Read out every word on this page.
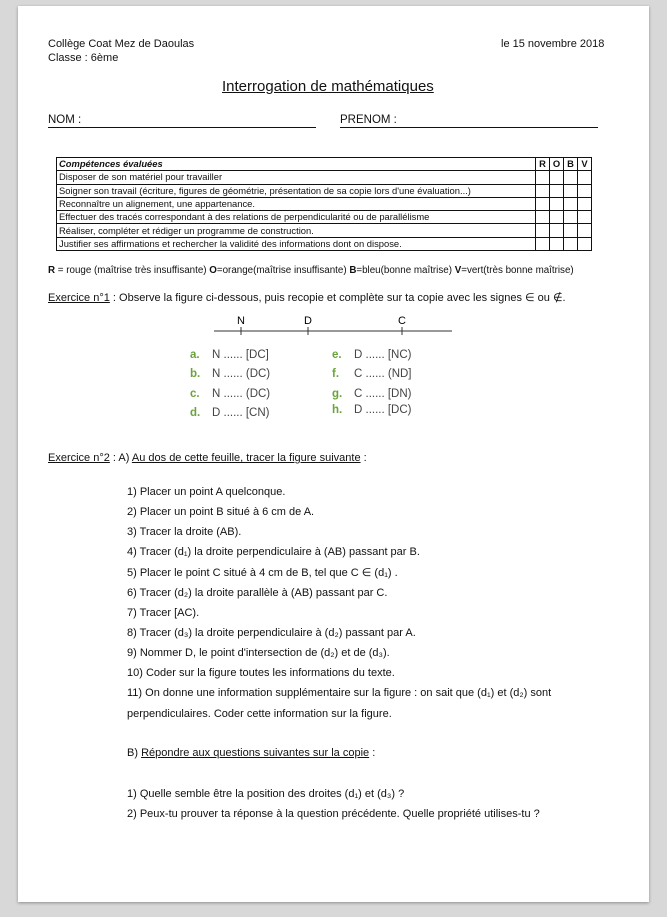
Collège Coat Mez de Daoulas
Classe : 6ème
le 15 novembre 2018
Interrogation de mathématiques
NOM :	PRENOM :
Compétences évaluées	R	O	B	V
Disposer de son matériel pour travailler				
Soigner son travail (écriture, figures de géométrie, présentation de sa copie lors d'une évaluation...)				
Reconnaître un alignement, une appartenance.				
Effectuer des tracés correspondant à des relations de perpendicularité ou de parallélisme				
Réaliser, compléter et rédiger un programme de construction.				
Justifier ses affirmations et rechercher la validité des informations dont on dispose.				
R = rouge (maîtrise très insuffisante) O=orange(maîtrise insuffisante) B=bleu(bonne maîtrise) V=vert(très bonne maîtrise)
Exercice n°1 : Observe la figure ci-dessous, puis recopie et complète sur ta copie avec les signes ∈ ou ∉.
N	D	C
a. N ...... [DC]
b. N ...... (DC)
c. N ...... (DC)
d. D ...... [CN)
e. D ...... [NC)
f. C ...... (ND]
g. C ...... [DN)
h. D ...... [DC)
Exercice n°2 : A) Au dos de cette feuille, tracer la figure suivante :
1) Placer un point A quelconque.
2) Placer un point B situé à 6 cm de A.
3) Tracer la droite (AB).
4) Tracer (d₁) la droite perpendiculaire à (AB) passant par B.
5) Placer le point C situé à 4 cm de B, tel que C ∈ (d₁) .
6) Tracer (d₂) la droite parallèle à (AB) passant par C.
7) Tracer [AC).
8) Tracer (d₃) la droite perpendiculaire à (d₂) passant par A.
9) Nommer D, le point d'intersection de (d₂) et de (d₃).
10) Coder sur la figure toutes les informations du texte.
11) On donne une information supplémentaire sur la figure : on sait que (d₁) et (d₂) sont
perpendiculaires. Coder cette information sur la figure.
B) Répondre aux questions suivantes sur la copie :
1) Quelle semble être la position des droites (d₁) et (d₃) ?
2) Peux-tu prouver ta réponse à la question précédente. Quelle propriété utilises-tu ?
